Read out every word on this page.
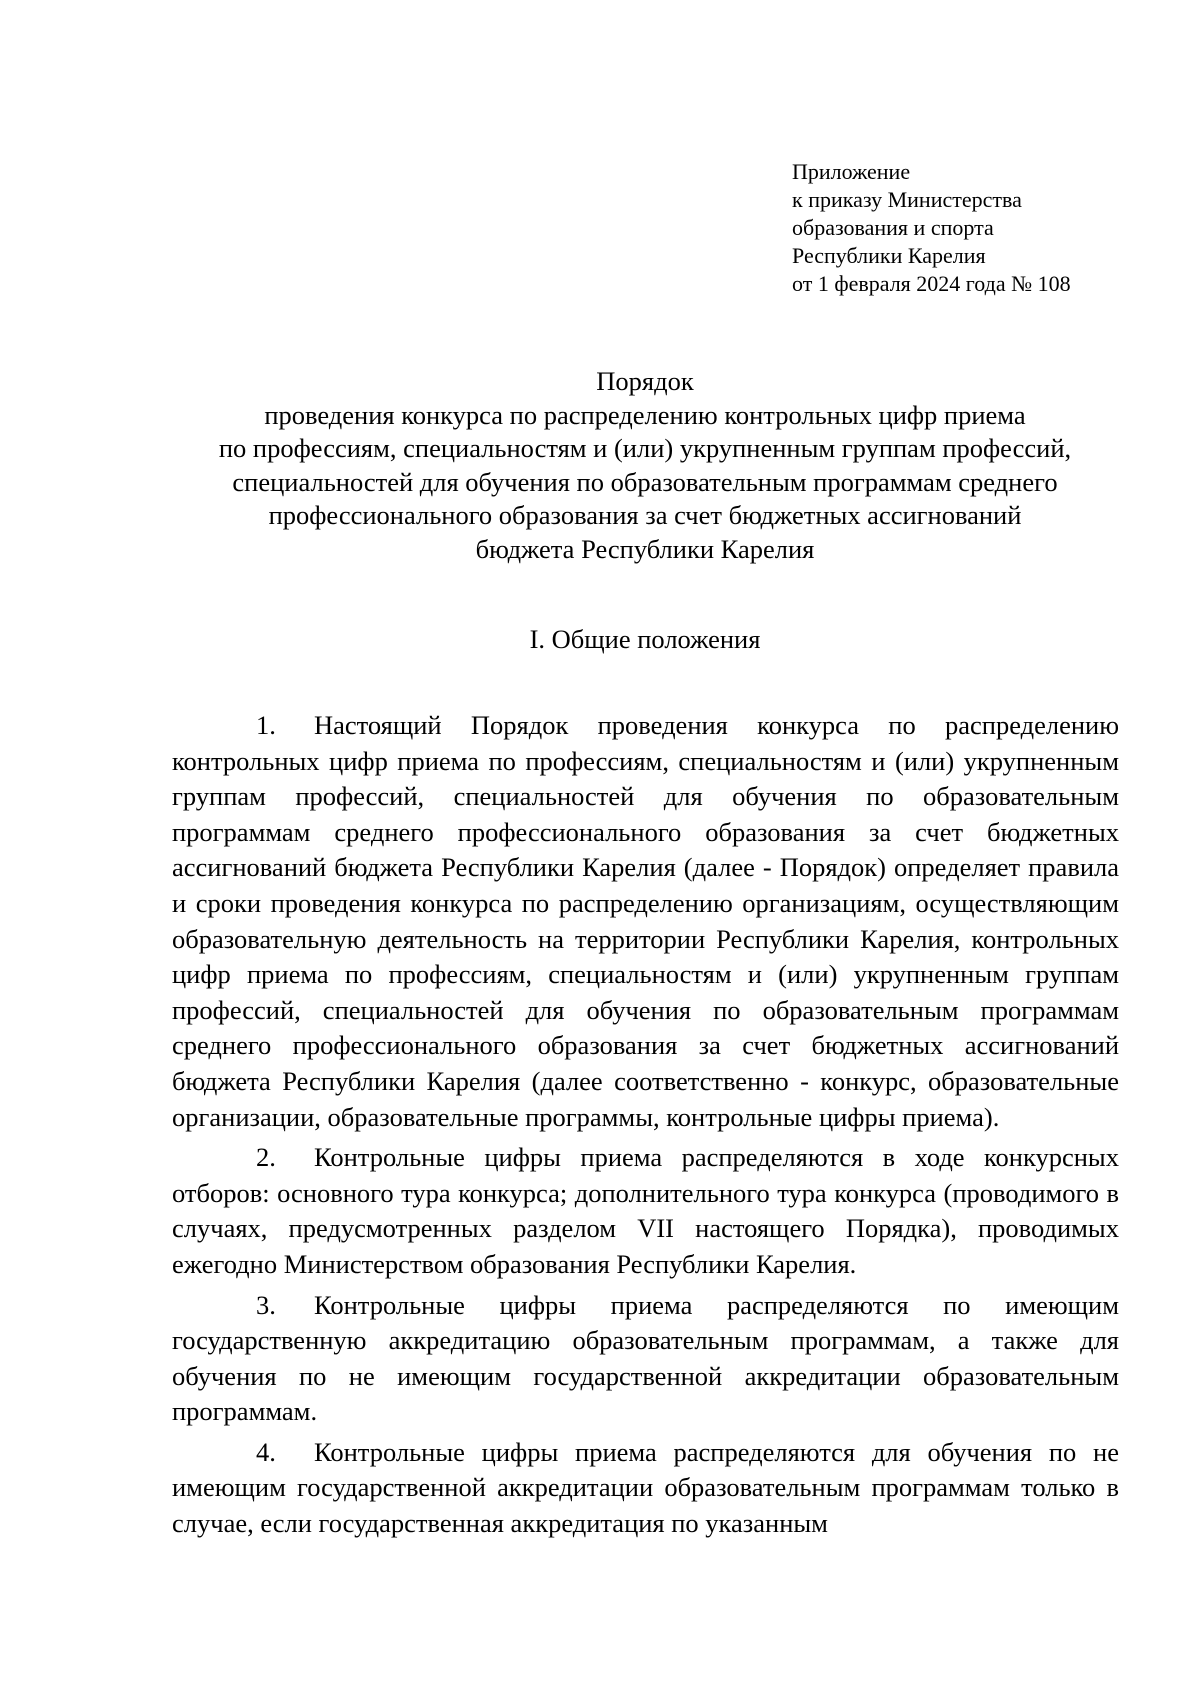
Приложение
к приказу Министерства
образования и спорта
Республики Карелия
от 1 февраля 2024 года № 108
Порядок
проведения конкурса по распределению контрольных цифр приема
по профессиям, специальностям и (или) укрупненным группам профессий,
специальностей для обучения по образовательным программам среднего
профессионального образования за счет бюджетных ассигнований
бюджета Республики Карелия
I. Общие положения

1. Настоящий Порядок проведения конкурса по распределению контрольных цифр приема по профессиям, специальностям и (или) укрупненным группам профессий, специальностей для обучения по образовательным программам среднего профессионального образования за счет бюджетных ассигнований бюджета Республики Карелия (далее - Порядок) определяет правила и сроки проведения конкурса по распределению организациям, осуществляющим образовательную деятельность на территории Республики Карелия, контрольных цифр приема по профессиям, специальностям и (или) укрупненным группам профессий, специальностей для обучения по образовательным программам среднего профессионального образования за счет бюджетных ассигнований бюджета Республики Карелия (далее соответственно - конкурс, образовательные организации, образовательные программы, контрольные цифры приема).

2. Контрольные цифры приема распределяются в ходе конкурсных отборов: основного тура конкурса; дополнительного тура конкурса (проводимого в случаях, предусмотренных разделом VII настоящего Порядка), проводимых ежегодно Министерством образования Республики Карелия.

3. Контрольные цифры приема распределяются по имеющим государственную аккредитацию образовательным программам, а также для обучения по не имеющим государственной аккредитации образовательным программам.

4. Контрольные цифры приема распределяются для обучения по не имеющим государственной аккредитации образовательным программам только в случае, если государственная аккредитация по указанным
